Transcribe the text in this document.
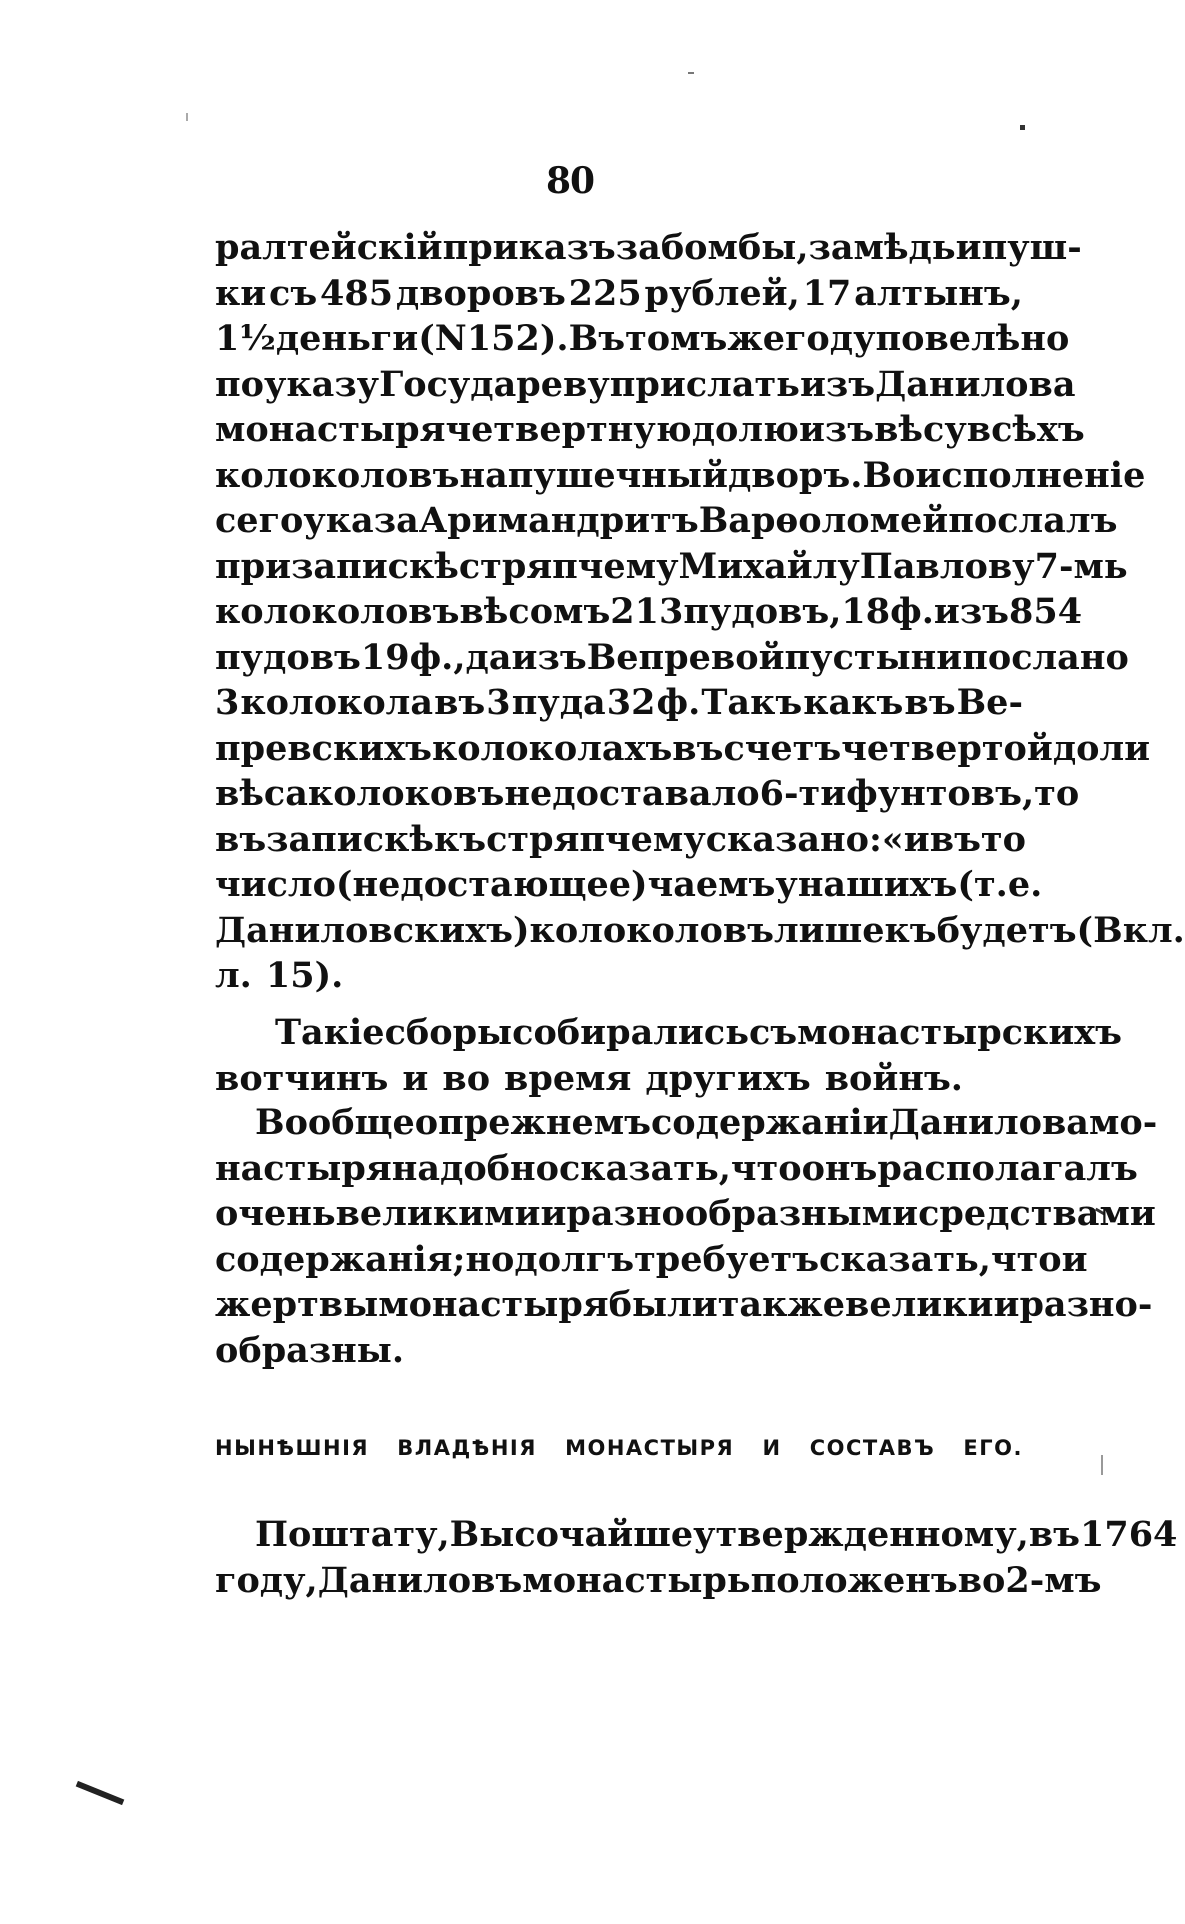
80
ралтейскій приказъ за бомбы, за мѣдь и пуш-
ки съ 485 дворовъ 225 рублей, 17 алтынъ,
1½ деньги (N 152). Въ томъ же году повелѣно
по указу Государеву прислать изъ Данилова
монастыря четвертную долю изъ вѣсу всѣхъ
колоколовъ на пушечный дворъ. Во исполненіе
сего указа Аримандритъ Варѳоломей послалъ
при запискѣ стряпчему Михайлу Павлову 7-мь
колоколовъ вѣсомъ 213 пудовъ, 18 ф. изъ 854
пудовъ 19 ф., да изъ Вепревой пустыни послано
3 колокола въ 3 пуда 32 ф. Такъ какъ въ Ве-
превскихъ колоколахъ въ счетъ четвертой доли
вѣса колоковъ не доставало 6-ти фунтовъ, то
въ запискѣ къ стряпчему сказано: «и въ то
число (недостающее) чаемъ у нашихъ (т. е.
Даниловскихъ) колоколовъ лишекъ будетъ (Вкл.
л. 15).
Такіе сборы собирались съ монастырскихъ
вотчинъ и во время другихъ войнъ.
Вообще о прежнемъ содержаніи Данилова мо-
настыря надобно сказать, что онъ располагалъ
очень великими и разнообразными средствами
содержанія; но долгъ требуетъ сказать, что и
жертвы монастыря были также велики и разно-
образны.
НЫНѢШНІЯ ВЛАДѢНІЯ МОНАСТЫРЯ И СОСТАВЪ ЕГО.
По штату, Высочайше утвержденному, въ 1764
году, Даниловъ монастырь положенъ во 2-мъ
